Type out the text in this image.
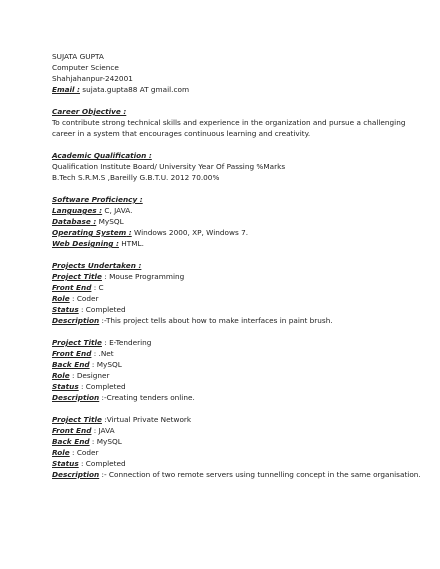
SUJATA GUPTA
Computer Science
Shahjahanpur-242001
Email : sujata.gupta88 AT gmail.com
Career Objective :
To contribute strong technical skills and experience in the organization and pursue a challenging career in a system that encourages continuous learning and creativity.
Academic Qualification :
Qualification Institute Board/ University Year Of Passing %Marks
B.Tech S.R.M.S ,Bareilly G.B.T.U. 2012 70.00%
Software Proficiency :
Languages : C, JAVA.
Database : MySQL
Operating System : Windows 2000, XP, Windows 7.
Web Designing : HTML.
Projects Undertaken :
Project Title : Mouse Programming
Front End : C
Role : Coder
Status : Completed
Description :-This project tells about how to make interfaces in paint brush.
Project Title : E-Tendering
Front End : .Net
Back End : MySQL
Role : Designer
Status : Completed
Description :-Creating tenders online.
Project Title :Virtual Private Network
Front End : JAVA
Back End : MySQL
Role : Coder
Status : Completed
Description :- Connection of two remote servers using tunnelling concept in the same organisation.
